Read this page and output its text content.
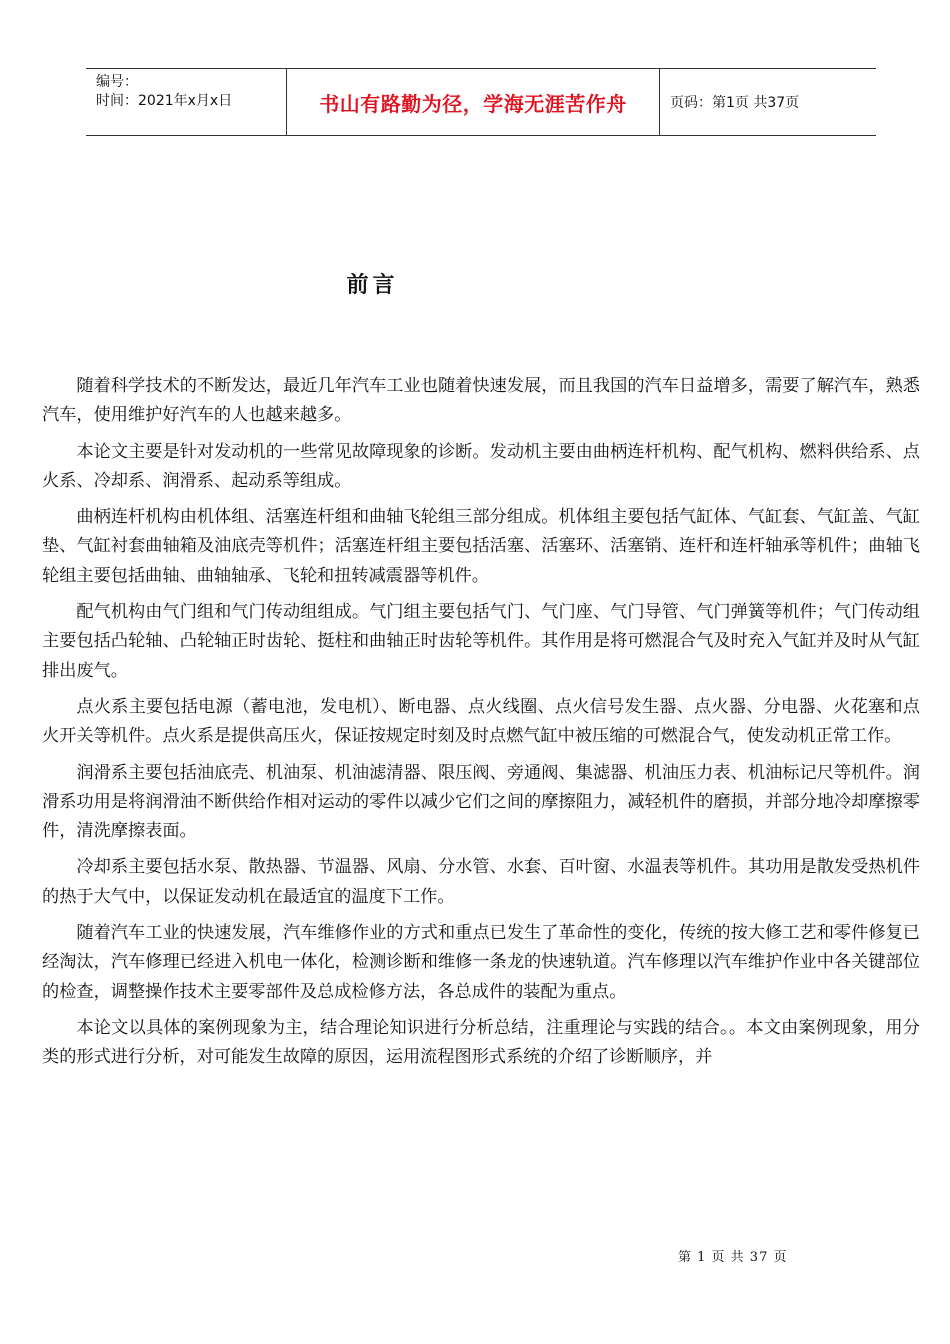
编号：
时间：2021年x月x日	书山有路勤为径，学海无涯苦作舟	页码：第1页 共37页
前言

随着科学技术的不断发达，最近几年汽车工业也随着快速发展，而且我国的汽车日益增多，需要了解汽车，熟悉汽车，使用维护好汽车的人也越来越多。

本论文主要是针对发动机的一些常见故障现象的诊断。发动机主要由曲柄连杆机构、配气机构、燃料供给系、点火系、冷却系、润滑系、起动系等组成。

曲柄连杆机构由机体组、活塞连杆组和曲轴飞轮组三部分组成。机体组主要包括气缸体、气缸套、气缸盖、气缸垫、气缸衬套曲轴箱及油底壳等机件；活塞连杆组主要包括活塞、活塞环、活塞销、连杆和连杆轴承等机件；曲轴飞轮组主要包括曲轴、曲轴轴承、飞轮和扭转减震器等机件。

配气机构由气门组和气门传动组组成。气门组主要包括气门、气门座、气门导管、气门弹簧等机件；气门传动组主要包括凸轮轴、凸轮轴正时齿轮、挺柱和曲轴正时齿轮等机件。其作用是将可燃混合气及时充入气缸并及时从气缸排出废气。

点火系主要包括电源（蓄电池，发电机）、断电器、点火线圈、点火信号发生器、点火器、分电器、火花塞和点火开关等机件。点火系是提供高压火，保证按规定时刻及时点燃气缸中被压缩的可燃混合气，使发动机正常工作。

润滑系主要包括油底壳、机油泵、机油滤清器、限压阀、旁通阀、集滤器、机油压力表、机油标记尺等机件。润滑系功用是将润滑油不断供给作相对运动的零件以减少它们之间的摩擦阻力，减轻机件的磨损，并部分地冷却摩擦零件，清洗摩擦表面。

冷却系主要包括水泵、散热器、节温器、风扇、分水管、水套、百叶窗、水温表等机件。其功用是散发受热机件的热于大气中，以保证发动机在最适宜的温度下工作。

随着汽车工业的快速发展，汽车维修作业的方式和重点已发生了革命性的变化，传统的按大修工艺和零件修复已经淘汰，汽车修理已经进入机电一体化，检测诊断和维修一条龙的快速轨道。汽车修理以汽车维护作业中各关键部位的检查，调整操作技术主要零部件及总成检修方法，各总成件的装配为重点。

本论文以具体的案例现象为主，结合理论知识进行分析总结，注重理论与实践的结合。。本文由案例现象，用分类的形式进行分析，对可能发生故障的原因，运用流程图形式系统的介绍了诊断顺序，并

第 1 页 共 37 页
